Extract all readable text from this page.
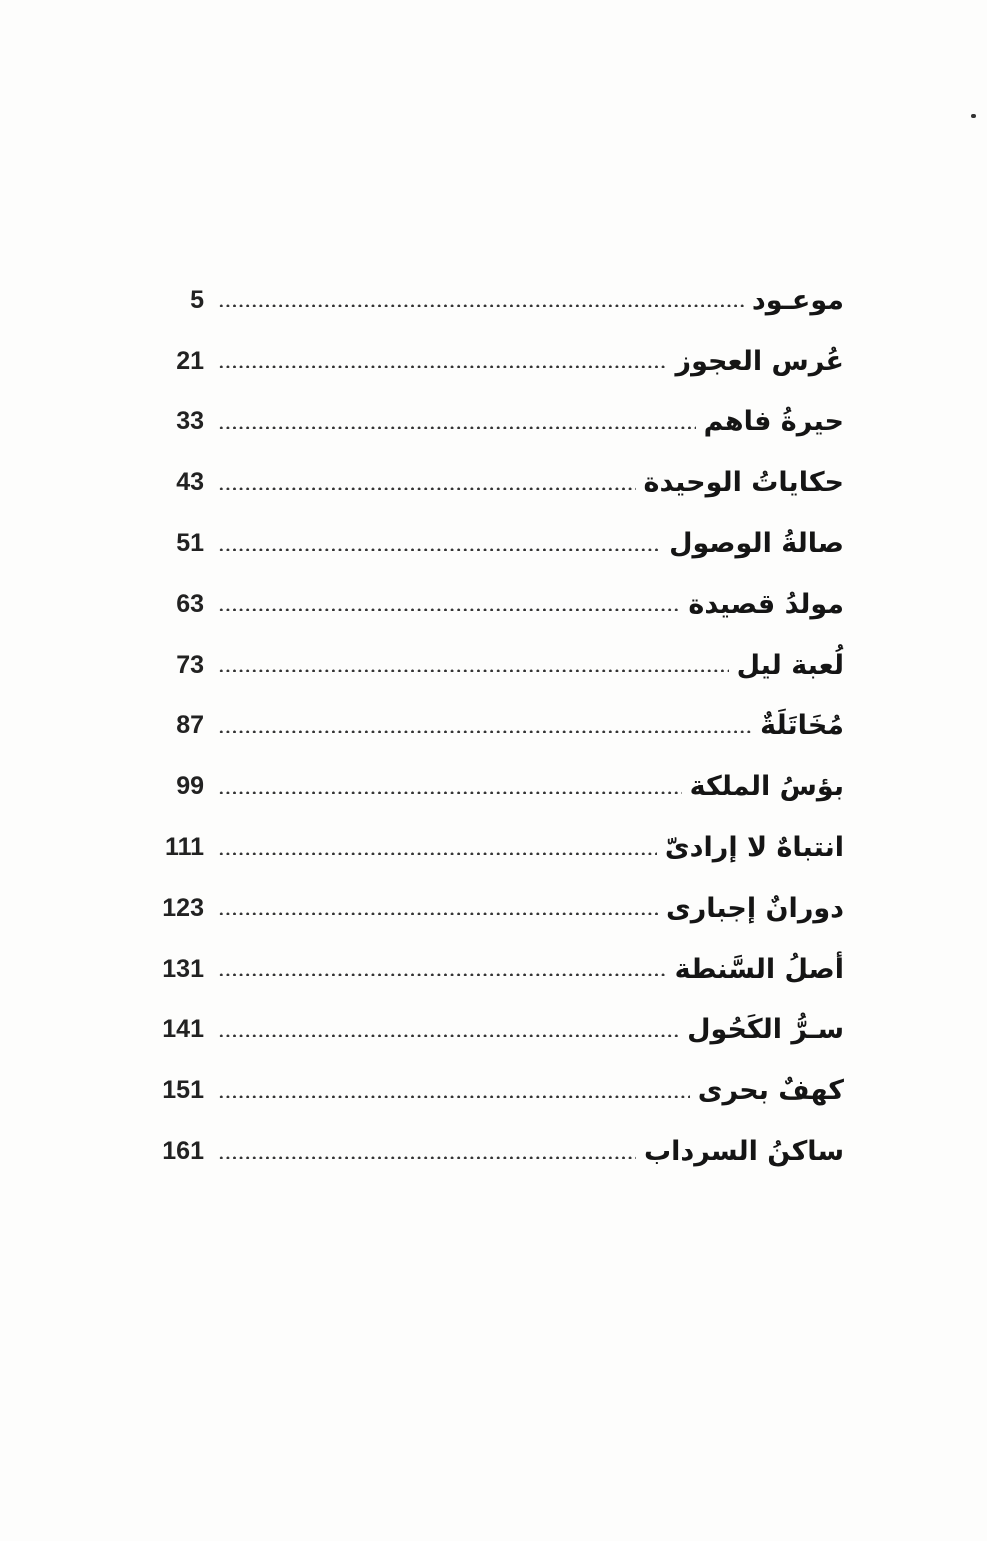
5	موعـود
21	عُرس العجوز
33	حيرةُ فاهم
43	حكاياتُ الوحيدة
51	صالةُ الوصول
63	مولدُ قصيدة
73	لُعبة ليل
87	مُخَاتَلَةٌ
99	بؤسُ الملكة
111	انتباهٌ لا إرادىّ
123	دورانٌ إجبارى
131	أصلُ السَّنطة
141	سـرُّ الكَحُول
151	كهفٌ بحرى
161	ساكنُ السرداب
